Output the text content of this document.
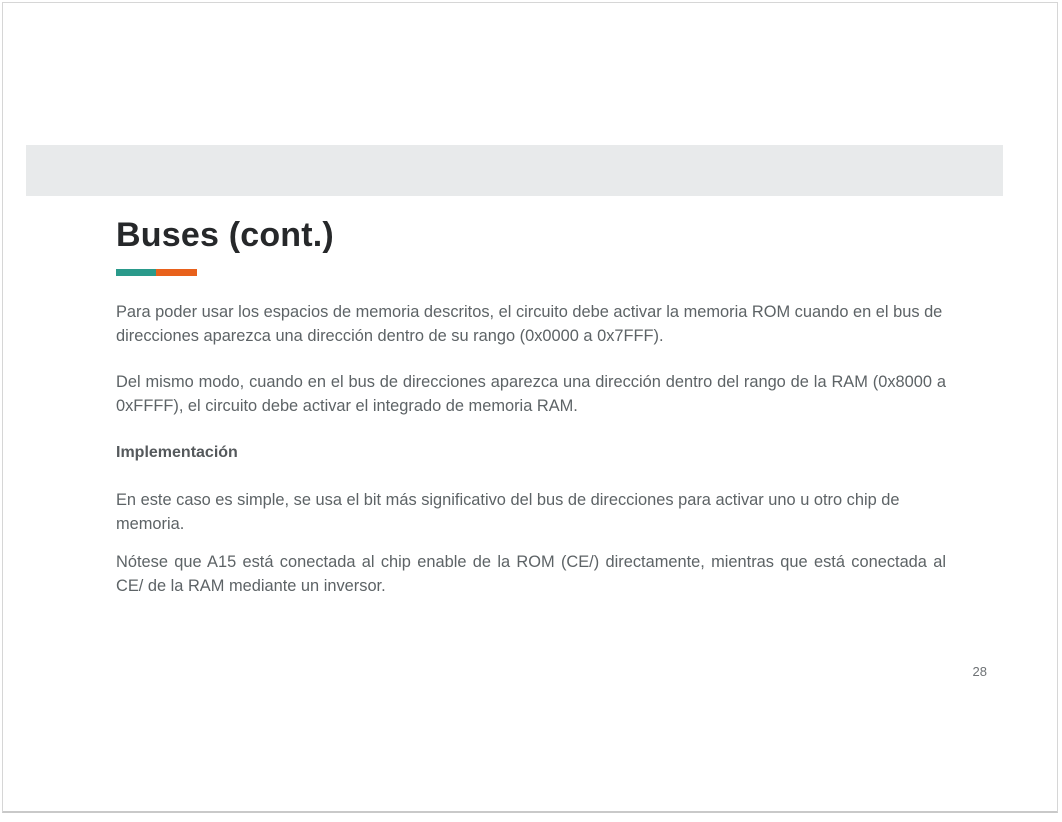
Buses (cont.)

Para poder usar los espacios de memoria descritos, el circuito debe activar la memoria ROM cuando en el bus de direcciones aparezca una dirección dentro de su rango (0x0000 a 0x7FFF).

Del mismo modo, cuando en el bus de direcciones aparezca una dirección dentro del rango de la RAM (0x8000 a 0xFFFF), el circuito debe activar el integrado de memoria RAM.

Implementación

En este caso es simple, se usa el bit más significativo del bus de direcciones para activar uno u otro chip de memoria.

Nótese que A15 está conectada al chip enable de la ROM (CE/) directamente, mientras que está conectada al CE/ de la RAM mediante un inversor.

28
